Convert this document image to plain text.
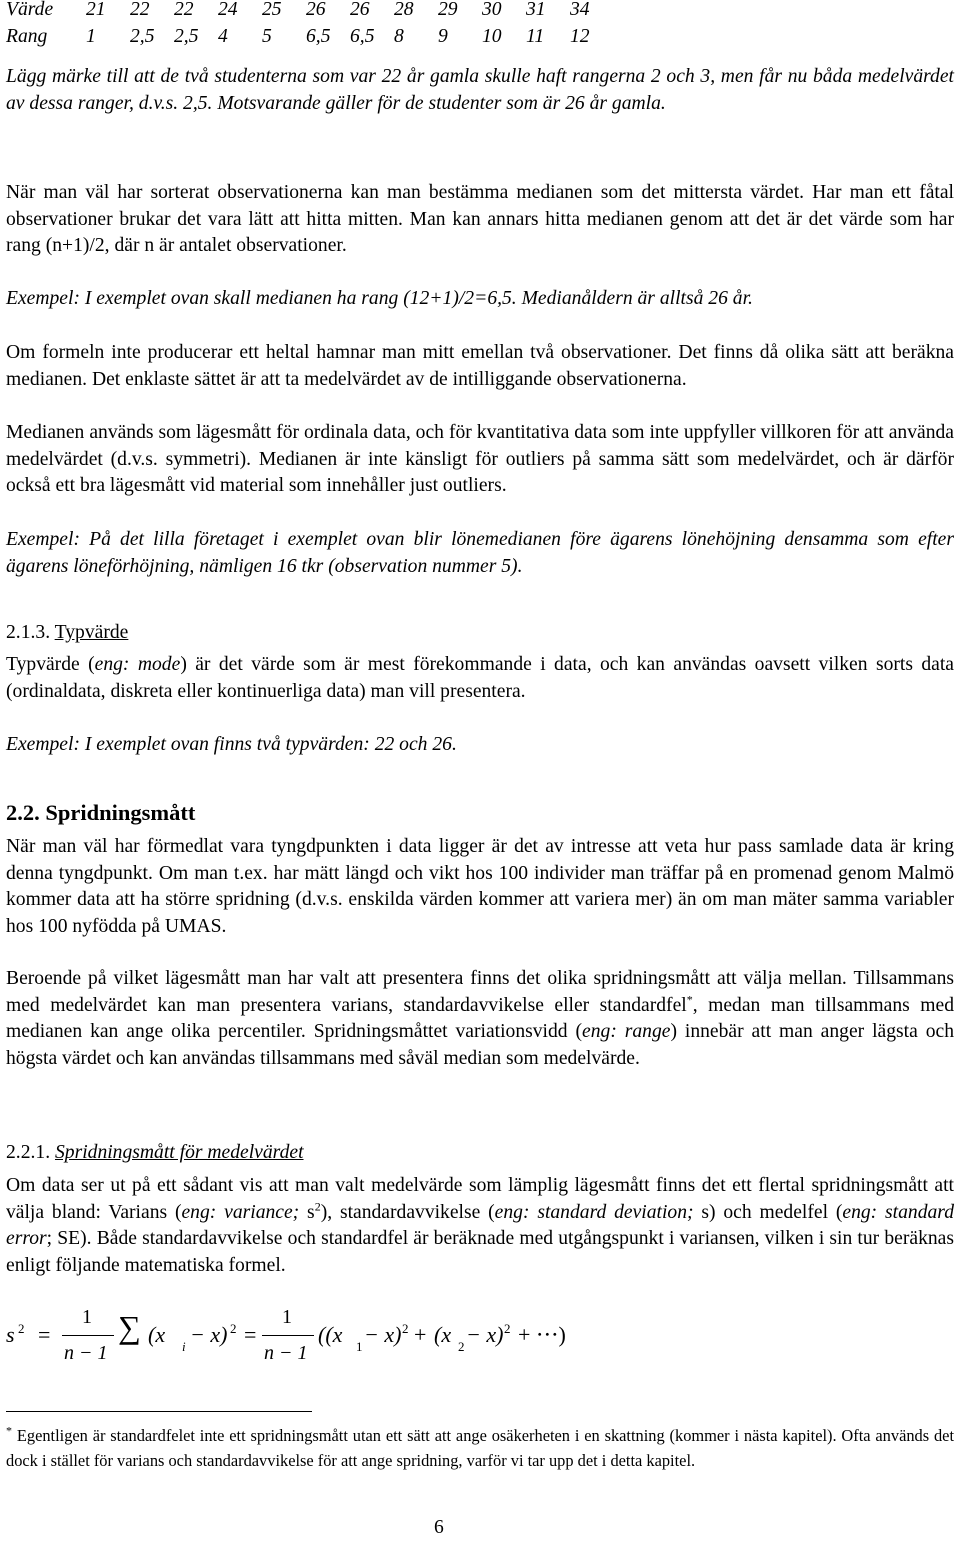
Värde	21	22	22	24	25	26	26	28	29	30	31	34
Rang	1	2,5	2,5	4	5	6,5	6,5	8	9	10	11	12

Lägg märke till att de två studenterna som var 22 år gamla skulle haft rangerna 2 och 3, men får nu båda medelvärdet av dessa ranger, d.v.s. 2,5. Motsvarande gäller för de studenter som är 26 år gamla.

När man väl har sorterat observationerna kan man bestämma medianen som det mittersta värdet. Har man ett fåtal observationer brukar det vara lätt att hitta mitten. Man kan annars hitta medianen genom att det är det värde som har rang (n+1)/2, där n är antalet observationer.

Exempel: I exemplet ovan skall medianen ha rang (12+1)/2=6,5. Medianåldern är alltså 26 år.

Om formeln inte producerar ett heltal hamnar man mitt emellan två observationer. Det finns då olika sätt att beräkna medianen. Det enklaste sättet är att ta medelvärdet av de intilliggande observationerna.

Medianen används som lägesmått för ordinala data, och för kvantitativa data som inte uppfyller villkoren för att använda medelvärdet (d.v.s. symmetri). Medianen är inte känsligt för outliers på samma sätt som medelvärdet, och är därför också ett bra lägesmått vid material som innehåller just outliers.

Exempel: På det lilla företaget i exemplet ovan blir lönemedianen före ägarens lönehöjning densamma som efter ägarens löneförhöjning, nämligen 16 tkr (observation nummer 5).

2.1.3. Typvärde

Typvärde (eng: mode) är det värde som är mest förekommande i data, och kan användas oavsett vilken sorts data (ordinaldata, diskreta eller kontinuerliga data) man vill presentera.

Exempel: I exemplet ovan finns två typvärden: 22 och 26.

2.2. Spridningsmått

När man väl har förmedlat vara tyngdpunkten i data ligger är det av intresse att veta hur pass samlade data är kring denna tyngdpunkt. Om man t.ex. har mätt längd och vikt hos 100 individer man träffar på en promenad genom Malmö kommer data att ha större spridning (d.v.s. enskilda värden kommer att variera mer) än om man mäter samma variabler hos 100 nyfödda på UMAS.

Beroende på vilket lägesmått man har valt att presentera finns det olika spridningsmått att välja mellan. Tillsammans med medelvärdet kan man presentera varians, standardavvikelse eller standardfel*, medan man tillsammans med medianen kan ange olika percentiler. Spridningsmåttet variationsvidd (eng: range) innebär att man anger lägsta och högsta värdet och kan användas tillsammans med såväl median som medelvärde.

2.2.1. Spridningsmått för medelvärdet

Om data ser ut på ett sådant vis att man valt medelvärde som lämplig lägesmått finns det ett flertal spridningsmått att välja bland: Varians (eng: variance; $s^2$), standardavvikelse (eng: standard deviation; s) och medelfel (eng: standard error; SE). Både standardavvikelse och standardfel är beräknade med utgångspunkt i variansen, vilken i sin tur beräknas enligt följande matematiska formel.

s 2 =
1
n − 1
∑ (x i − x) 2 =
1
n − 1
((x 1 − x) 2 + (x 2 − x) 2 + ⋅⋅⋅)

* Egentligen är standardfelet inte ett spridningsmått utan ett sätt att ange osäkerheten i en skattning (kommer i nästa kapitel). Ofta används det dock i stället för varians och standardavvikelse för att ange spridning, varför vi tar upp det i detta kapitel.

6
